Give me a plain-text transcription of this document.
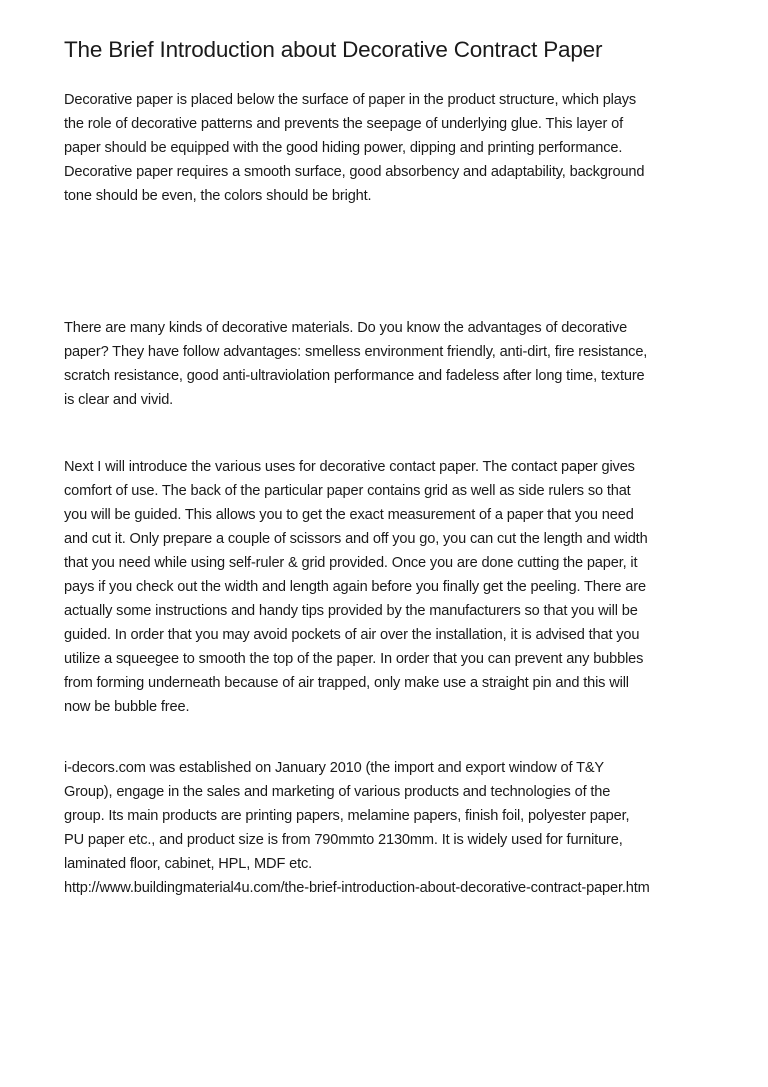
The Brief Introduction about Decorative Contract Paper
Decorative paper is placed below the surface of paper in the product structure, which plays
the role of decorative patterns and prevents the seepage of underlying glue. This layer of
paper should be equipped with the good hiding power, dipping and printing performance.
Decorative paper requires a smooth surface, good absorbency and adaptability, background
tone should be even, the colors should be bright.
There are many kinds of decorative materials. Do you know the advantages of decorative
paper? They have follow advantages: smelless environment friendly, anti-dirt, fire resistance,
scratch resistance, good anti-ultraviolation performance and fadeless after long time, texture
is clear and vivid.
Next I will introduce the various uses for decorative contact paper. The contact paper gives
comfort of use. The back of the particular paper contains grid as well as side rulers so that
you will be guided. This allows you to get the exact measurement of a paper that you need
and cut it. Only prepare a couple of scissors and off you go, you can cut the length and width
that you need while using self-ruler & grid provided. Once you are done cutting the paper, it
pays if you check out the width and length again before you finally get the peeling. There are
actually some instructions and handy tips provided by the manufacturers so that you will be
guided. In order that you may avoid pockets of air over the installation, it is advised that you
utilize a squeegee to smooth the top of the paper. In order that you can prevent any bubbles
from forming underneath because of air trapped, only make use a straight pin and this will
now be bubble free.
i-decors.com was established on January 2010 (the import and export window of T&Y
Group), engage in the sales and marketing of various products and technologies of the
group. Its main products are printing papers, melamine papers, finish foil, polyester paper,
PU paper etc., and product size is from 790mmto 2130mm. It is widely used for furniture,
laminated floor, cabinet, HPL, MDF etc.
http://www.buildingmaterial4u.com/the-brief-introduction-about-decorative-contract-paper.htm
